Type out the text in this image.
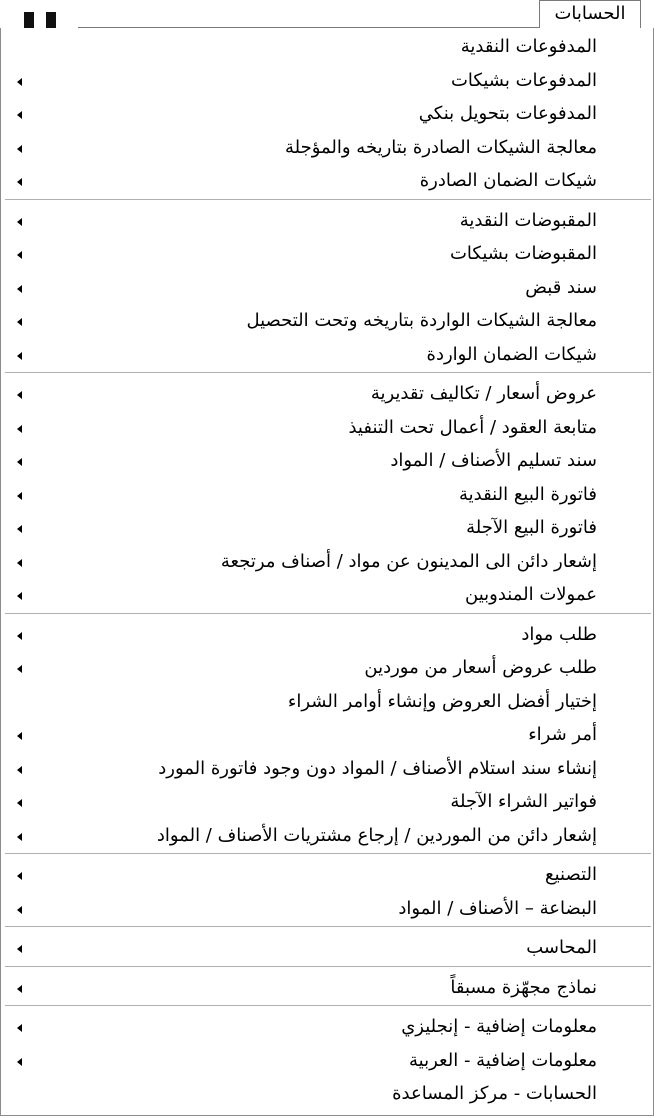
الحسابات
المدفوعات النقدية
المدفوعات بشيكات
المدفوعات بتحويل بنكي
معالجة الشيكات الصادرة بتاريخه والمؤجلة
شيكات الضمان الصادرة
المقبوضات النقدية
المقبوضات بشيكات
سند قبض
معالجة الشيكات الواردة بتاريخه وتحت التحصيل
شيكات الضمان الواردة
عروض أسعار / تكاليف تقديرية
متابعة العقود / أعمال تحت التنفيذ
سند تسليم الأصناف / المواد
فاتورة البيع النقدية
فاتورة البيع الآجلة
إشعار دائن الى المدينون عن مواد / أصناف مرتجعة
عمولات المندوبين
طلب مواد
طلب عروض أسعار من موردين
إختيار أفضل العروض وإنشاء أوامر الشراء
أمر شراء
إنشاء سند استلام الأصناف / المواد دون وجود فاتورة المورد
فواتير الشراء الآجلة
إشعار دائن من الموردين / إرجاع مشتريات الأصناف / المواد
التصنيع
البضاعة – الأصناف / المواد
المحاسب
نماذج مجهّزة مسبقاً
معلومات إضافية - إنجليزي
معلومات إضافية - العربية
الحسابات - مركز المساعدة
